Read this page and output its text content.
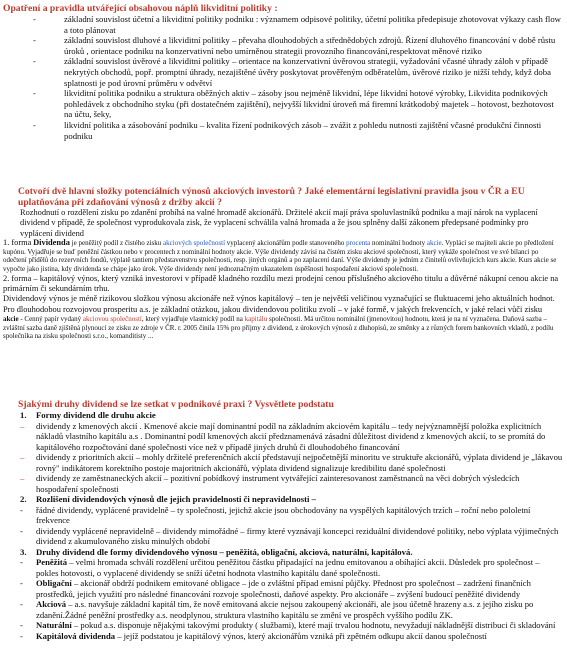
Opatření a pravidla utvářející obsahovou náplň likviditní politiky :
-	základní souvislost účetní a likviditní politiky podniku : významem odpisové politiky, účetní politika předepisuje zhotovovat výkazy cash flow a toto plánovat
-	základní souvislost dluhové a likviditní politiky – převaha dlouhodobých a střednědobých zdrojů. Řízení dluhového financování v době růstu úroků , orientace podniku na konzervativní nebo umírněnou strategii provozního financování,respektovat měnové riziko
-	základní souvislost úvěrové a likviditní politiky – orientace na konzervativní úvěrovou strategii, vyžadování včasné úhrady záloh v případě nekrytých obchodů, popř. promptní úhrady, nezajištěné úvěry poskytovat prověřeným odběratelům, úvěrové riziko je nižší tehdy, když doba splatnosti je pod úrovní průměru v odvětví
-	likviditní politika podniku a struktura oběžných aktiv – zásoby jsou nejméně likvidní, lépe likvidní hotové výrobky, Likvidita podnikových pohledávek z obchodního styku (při dostatečném zajištění), nejvyšší likvidní úroveň má firemní krátkodobý majetek – hotovost, bezhotovost na účtu, šeky,
-	likvidní politika a zásobování podniku – kvalita řízení podnikových zásob – zvážit z pohledu nutnosti zajištění včasné produkční činnosti podniku
Cotvoří dvě hlavní složky potenciálních výnosů akciových investorů ? Jaké elementární legislativní pravidla jsou v ČR a EU uplatňována při zdaňování výnosů z držby akcií ?
Rozhodnutí o rozdělení zisku po zdanění probíhá na valné hromadě akcionářů. Držitelé akcií mají práva spoluvlastníků podniku a mají nárok na vyplacení dividend v případě, že společnost vyprodukovala zisk, že vyplacení schválila valná hromada a že jsou splněny další zákonem předepsané podmínky pro vyplácení dividend
1. forma Dividenda je peněžitý podíl z čistého zisku akciových společností vyplacený akcionářům podle stanoveného procenta nominální hodnoty akcie. Vyplácí se majiteli akcie po předložení kupónu. Vyjadřuje se buď peněžní částkou nebo v procentech z nominální hodnoty akcie. Výše dividendy závisí na čistém zisku akciové společnosti, který vykáže společnost ve své bilanci po odečtení přídělů do rezervních fondů, výplatě tantiem představenstvu společnosti, resp. jiných orgánů a po zaplacení daní. Výše dividendy je jedním z činitelů ovlivňujících kurs akcie. Kurs akcie se vypočte jako jistina, kdy dividenda se chápe jako úrok. Výše dividendy není jednoznačným ukazatelem úspěšnosti hospodaření akciové společnosti.
2. forma – kapitálový výnos, který vzniká investorovi v případě kladného rozdílu mezi prodejní cenou příslušného akciového titulu a důvěrné nákupní cenou akcie na primárním či sekundárním trhu.
Dividendový výnos je méně rizikovou složkou výnosu akcionáře než výnos kapitálový – ten je největší veličinou vyznačující se fluktuacemi jeho aktuálních hodnot.
Pro dlouhodobou rozvojovou prosperitu a.s. je základní otázkou, jakou dividendovou politiku zvolí – v jaké formě, v jakých frekvencích, v jaké relaci vůči zisku
akcie - Cenný papír vydaný akciovou společností, který vyjadřuje vlastnický podíl na kapitálu společnosti. Má určitou nominální (jmenovitou) hodnotu, která je na ní vyznačena. Daňová sazba – zvláštní sazba daně zjištěná plynoucí ze zisku ze zdroje v ČR. r. 2005 činila 15% pro příjmy z dividend, z úrokových výnosů z dluhopisů, ze směnky a z různých forem bankovních vkladů, z podílu společníka na zisku společnosti s.r.o., komanditisty ...
Sjakými druhy dividend se lze setkat v podnikové praxi ? Vysvětlete podstatu
1. Formy dividend dle druhu akcie
– dividendy z kmenových akcií . Kmenové akcie mají dominantní podíl na základním akciovém kapitálu – tedy nejvýznamnější položka explicitních nákladů vlastního kapitálu a.s . Dominantní podíl kmenových akcií předznamenává zásadní důležitost dividend z kmenových akcií, to se promítá do kapitálového rozpočtování dané společnosti více než v případě jiných druhů či dlouhodobého financování
– dividendy z prioritních akcií – mohly držitelé preferenčních akcií představují nejpočetnější minoritu ve struktuře akcionářů, výplata dividend je „lákavou rovný" indikátorem korektního postoje majoritních akcionářů, výplata dividend signalizuje kredibilitu dané společnosti
– dividendy ze zaměstnaneckých akcií – pozitivní pobídkový instrument vytvářející zainteresovanost zaměstnanců na věci dobrých výsledcích hospodaření společnosti
2. Rozlišení dividendových výnosů dle jejich pravidelnosti či nepravidelnosti –
- řádné dividendy, vyplácené pravidelně – ty společnosti, jejichž akcie jsou obchodovány na vyspělých kapitálových trzích – roční nebo pololetní frekvence
- dividendy vyplácené nepravidelně – dividendy mimořádné – firmy které vyznávají koncepci reziduální dividendové politiky, nebo výplata výjimečných dividend z akumulovaného zisku minulých období
3. Druhy dividend dle formy dividendového výnosu – peněžitá, obligační, akciová, naturální, kapitálová.
- Peněžitá – velmi hromada schválí rozdělení určitou peněžitou částku připadající na jednu emitovanou a obíhající akcii. Důsledek pro společnost – pokles hotovosti, o vyplacené dividendy se sníží účetní hodnota vlastního kapitálu dané společnosti.
- Obligační – akcionář obdrží podnikem emitované obligace – jde o zvláštní případ emisní půjčky. Přednost pro společnost – zadržení finančních prostředků, jejich využití pro následné financování rozvoje společnosti, daňové aspekty. Pro akcionáře – zvýšení budoucí peněžité dividendy
- Akciová – a.s. navyšuje základní kapitál tím, že nově emitovaná akcie nejsou zakoupený akcionáři, ale jsou účetně hrazeny a.s. z jejího zisku po zdanění.Žádné peněžní prostředky a.s. neodplynou, struktura vlastního kapitálu se změní ve prospěch vyššího podílu ZK.
- Naturální – pokud a.s. disponuje nějakými takovými produkty ( službami), které mají trvalou hodnotu, nevyžadují nákladnější distribuci či skladování
- Kapitálová dividenda – jejíž podstatou je kapitálový výnos, který akcionářům vzniká při zpětném odkupu akcií danou společností
